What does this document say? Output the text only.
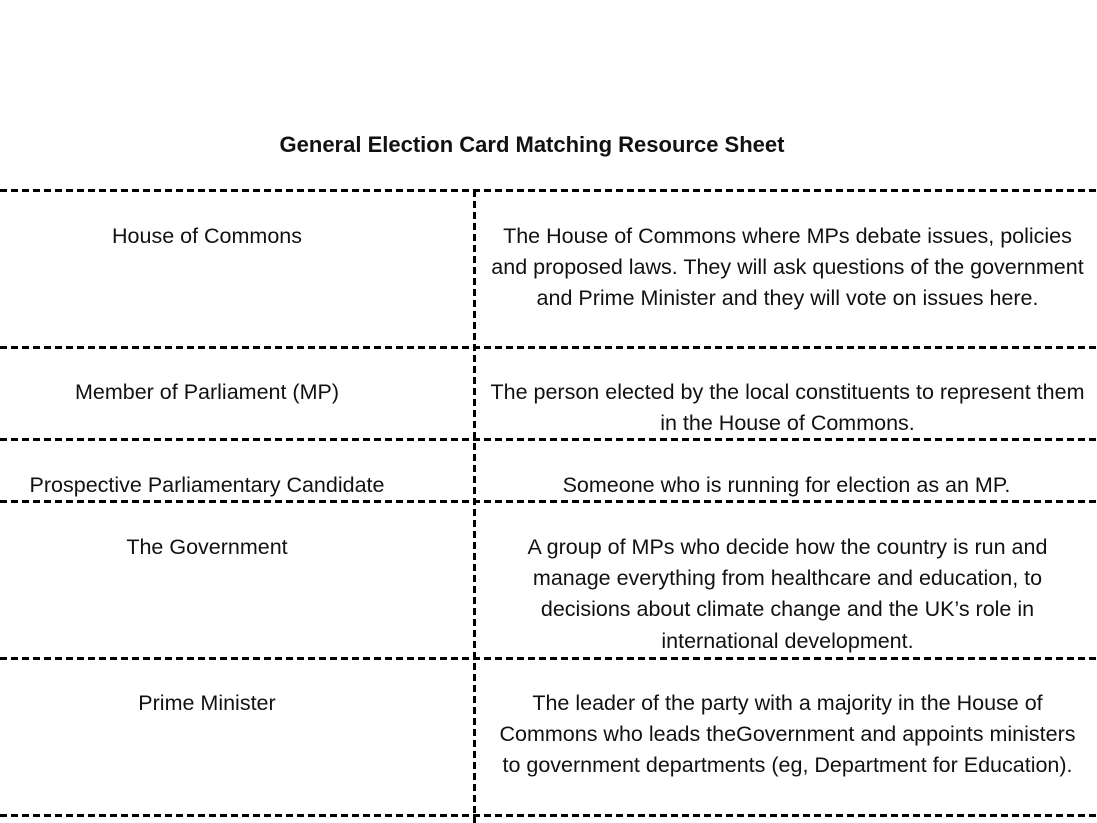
General Election Card Matching Resource Sheet
House of Commons	The House of Commons where MPs debate issues, policies and proposed laws. They will ask questions of the government and Prime Minister and they will vote on issues here.
Member of Parliament (MP)	The person elected by the local constituents to represent them in the House of Commons.
Prospective Parliamentary Candidate	Someone who is running for election as an MP.
The Government	A group of MPs who decide how the country is run and manage everything from healthcare and education, to decisions about climate change and the UK’s role in international development.
Prime Minister	The leader of the party with a majority in the House of Commons who leads theGovernment and appoints ministers to government departments (eg, Department for Education).
